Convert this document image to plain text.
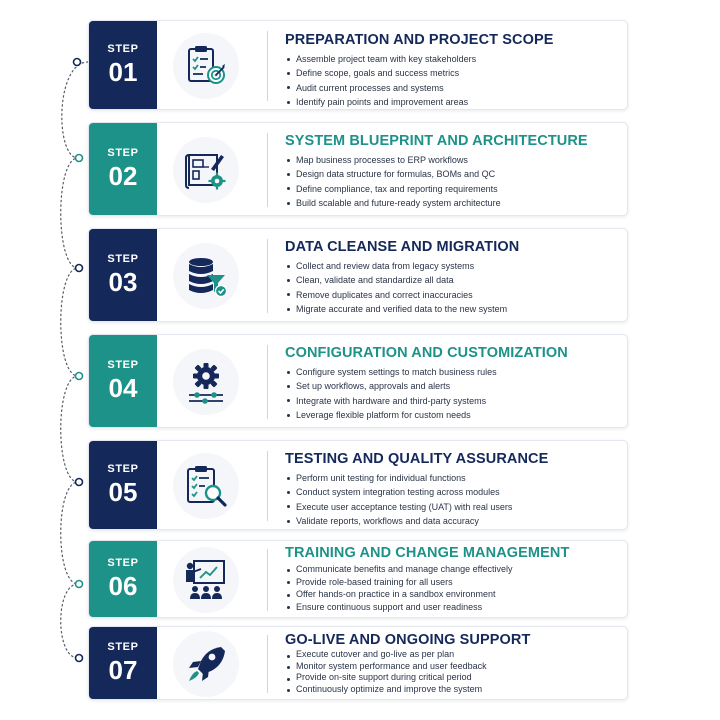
STEP
01
PREPARATION AND PROJECT SCOPE
Assemble project team with key stakeholders
Define scope, goals and success metrics
Audit current processes and systems
Identify pain points and improvement areas
STEP
02
SYSTEM BLUEPRINT AND ARCHITECTURE
Map business processes to ERP workflows
Design data structure for formulas, BOMs and QC
Define compliance, tax and reporting requirements
Build scalable and future-ready system architecture
STEP
03
DATA CLEANSE AND MIGRATION
Collect and review data from legacy systems
Clean, validate and standardize all data
Remove duplicates and correct inaccuracies
Migrate accurate and verified data to the new system
STEP
04
CONFIGURATION AND CUSTOMIZATION
Configure system settings to match business rules
Set up workflows, approvals and alerts
Integrate with hardware and third-party systems
Leverage flexible platform for custom needs
STEP
05
TESTING AND QUALITY ASSURANCE
Perform unit testing for individual functions
Conduct system integration testing across modules
Execute user acceptance testing (UAT) with real users
Validate reports, workflows and data accuracy
STEP
06
TRAINING AND CHANGE MANAGEMENT
Communicate benefits and manage change effectively
Provide role-based training for all users
Offer hands-on practice in a sandbox environment
Ensure continuous support and user readiness
STEP
07
GO-LIVE AND ONGOING SUPPORT
Execute cutover and go-live as per plan
Monitor system performance and user feedback
Provide on-site support during critical period
Continuously optimize and improve the system
